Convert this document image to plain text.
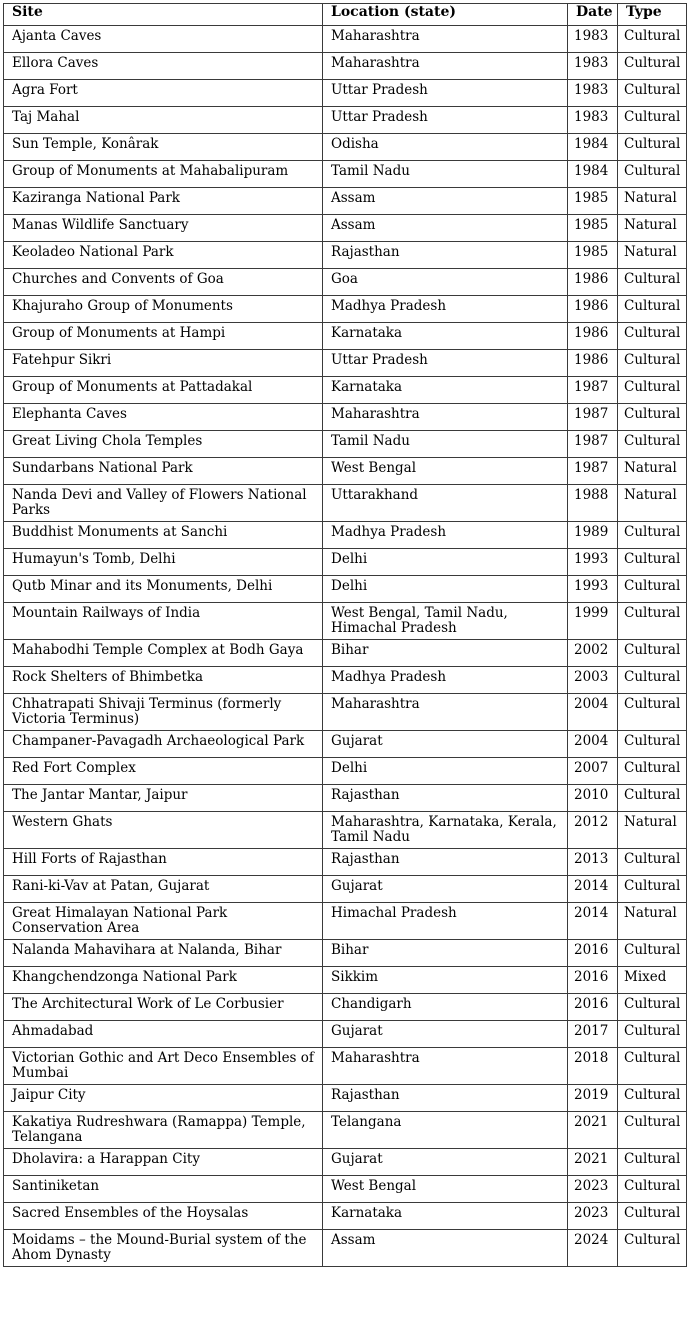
Site	Location (state)	Date	Type
Ajanta Caves	Maharashtra	1983	Cultural
Ellora Caves	Maharashtra	1983	Cultural
Agra Fort	Uttar Pradesh	1983	Cultural
Taj Mahal	Uttar Pradesh	1983	Cultural
Sun Temple, Konârak	Odisha	1984	Cultural
Group of Monuments at Mahabalipuram	Tamil Nadu	1984	Cultural
Kaziranga National Park	Assam	1985	Natural
Manas Wildlife Sanctuary	Assam	1985	Natural
Keoladeo National Park	Rajasthan	1985	Natural
Churches and Convents of Goa	Goa	1986	Cultural
Khajuraho Group of Monuments	Madhya Pradesh	1986	Cultural
Group of Monuments at Hampi	Karnataka	1986	Cultural
Fatehpur Sikri	Uttar Pradesh	1986	Cultural
Group of Monuments at Pattadakal	Karnataka	1987	Cultural
Elephanta Caves	Maharashtra	1987	Cultural
Great Living Chola Temples	Tamil Nadu	1987	Cultural
Sundarbans National Park	West Bengal	1987	Natural
Nanda Devi and Valley of Flowers National Parks	Uttarakhand	1988	Natural
Buddhist Monuments at Sanchi	Madhya Pradesh	1989	Cultural
Humayun's Tomb, Delhi	Delhi	1993	Cultural
Qutb Minar and its Monuments, Delhi	Delhi	1993	Cultural
Mountain Railways of India	West Bengal, Tamil Nadu, Himachal Pradesh	1999	Cultural
Mahabodhi Temple Complex at Bodh Gaya	Bihar	2002	Cultural
Rock Shelters of Bhimbetka	Madhya Pradesh	2003	Cultural
Chhatrapati Shivaji Terminus (formerly Victoria Terminus)	Maharashtra	2004	Cultural
Champaner-Pavagadh Archaeological Park	Gujarat	2004	Cultural
Red Fort Complex	Delhi	2007	Cultural
The Jantar Mantar, Jaipur	Rajasthan	2010	Cultural
Western Ghats	Maharashtra, Karnataka, Kerala, Tamil Nadu	2012	Natural
Hill Forts of Rajasthan	Rajasthan	2013	Cultural
Rani-ki-Vav at Patan, Gujarat	Gujarat	2014	Cultural
Great Himalayan National Park Conservation Area	Himachal Pradesh	2014	Natural
Nalanda Mahavihara at Nalanda, Bihar	Bihar	2016	Cultural
Khangchendzonga National Park	Sikkim	2016	Mixed
The Architectural Work of Le Corbusier	Chandigarh	2016	Cultural
Ahmadabad	Gujarat	2017	Cultural
Victorian Gothic and Art Deco Ensembles of Mumbai	Maharashtra	2018	Cultural
Jaipur City	Rajasthan	2019	Cultural
Kakatiya Rudreshwara (Ramappa) Temple, Telangana	Telangana	2021	Cultural
Dholavira: a Harappan City	Gujarat	2021	Cultural
Santiniketan	West Bengal	2023	Cultural
Sacred Ensembles of the Hoysalas	Karnataka	2023	Cultural
Moidams – the Mound-Burial system of the Ahom Dynasty	Assam	2024	Cultural
